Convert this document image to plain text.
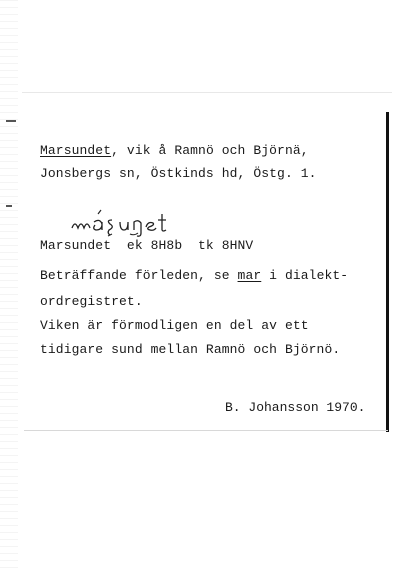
Marsundet, vik å Ramnö och Björnä,
Jonsbergs sn, Östkinds hd, Östg. 1.
Marsundet  ek 8H8b  tk 8HNV
Beträffande förleden, se mar i dialekt-
ordregistret.
Viken är förmodligen en del av ett
tidigare sund mellan Ramnö och Björnö.
B. Johansson 1970.
